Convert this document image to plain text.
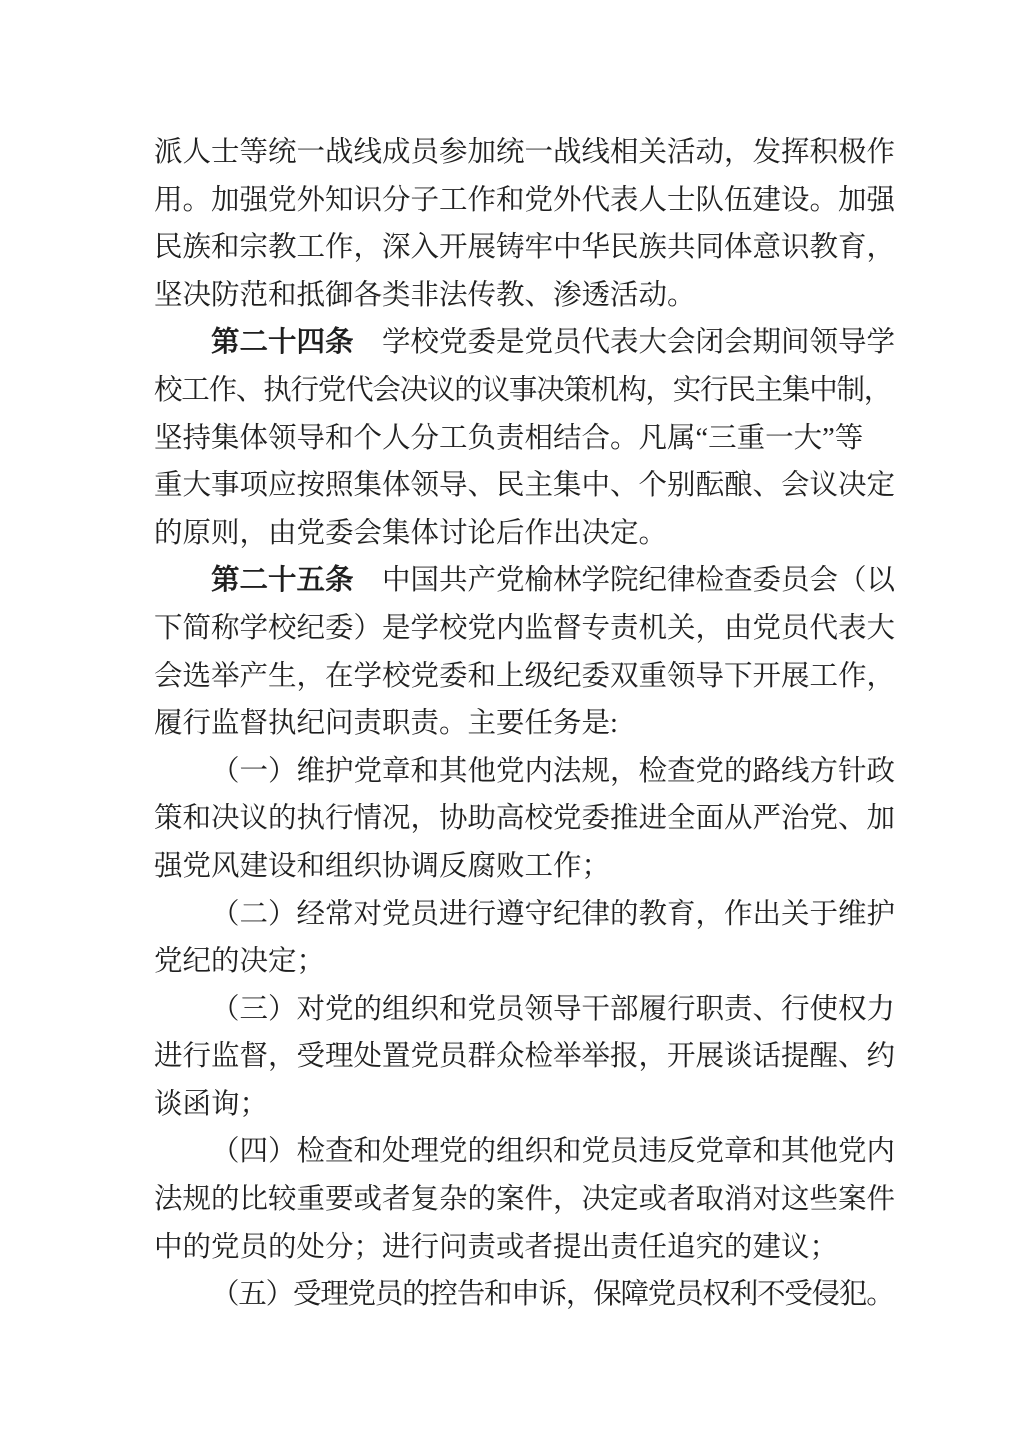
派人士等统一战线成员参加统一战线相关活动，发挥积极作
用。加强党外知识分子工作和党外代表人士队伍建设。加强
民族和宗教工作，深入开展铸牢中华民族共同体意识教育，
坚决防范和抵御各类非法传教、渗透活动。
第二十四条　学校党委是党员代表大会闭会期间领导学
校工作、执行党代会决议的议事决策机构，实行民主集中制，
坚持集体领导和个人分工负责相结合。凡属“三重一大”等
重大事项应按照集体领导、民主集中、个别酝酿、会议决定
的原则，由党委会集体讨论后作出决定。
第二十五条　中国共产党榆林学院纪律检查委员会（以
下简称学校纪委）是学校党内监督专责机关，由党员代表大
会选举产生，在学校党委和上级纪委双重领导下开展工作，
履行监督执纪问责职责。主要任务是:
（一）维护党章和其他党内法规，检查党的路线方针政
策和决议的执行情况，协助高校党委推进全面从严治党、加
强党风建设和组织协调反腐败工作；
（二）经常对党员进行遵守纪律的教育，作出关于维护
党纪的决定；
（三）对党的组织和党员领导干部履行职责、行使权力
进行监督，受理处置党员群众检举举报，开展谈话提醒、约
谈函询；
（四）检查和处理党的组织和党员违反党章和其他党内
法规的比较重要或者复杂的案件，决定或者取消对这些案件
中的党员的处分；进行问责或者提出责任追究的建议；
（五）受理党员的控告和申诉，保障党员权利不受侵犯。
